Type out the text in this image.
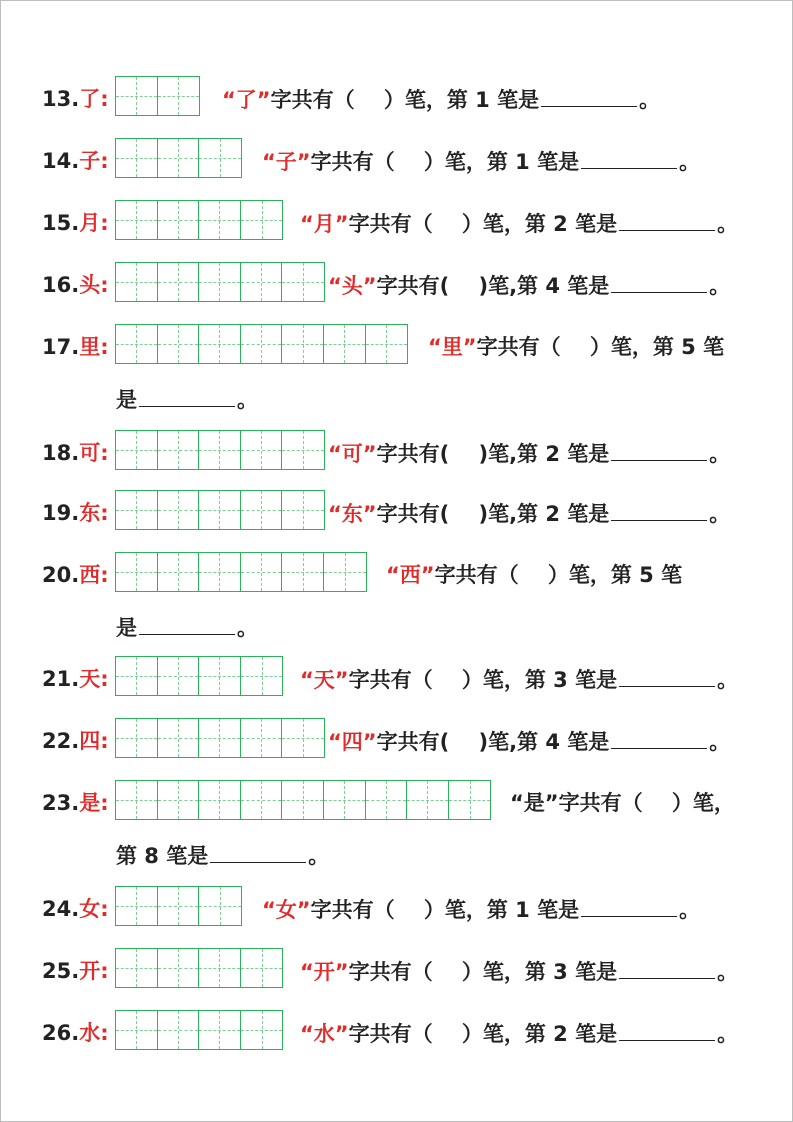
13.了:	“了”字共有（ ）笔，第 1 笔是	。
14.子:	“子”字共有（ ）笔，第 1 笔是	。
15.月:	“月”字共有（ ）笔，第 2 笔是	。
16.头:	“头”字共有( )笔,第 4 笔是	。
17.里:	“里”字共有（ ）笔，第 5 笔
是	。
18.可:	“可”字共有( )笔,第 2 笔是	。
19.东:	“东”字共有( )笔,第 2 笔是	。
20.西:	“西”字共有（ ）笔，第 5 笔
是	。
21.天:	“天”字共有（ ）笔，第 3 笔是	。
22.四:	“四”字共有( )笔,第 4 笔是	。
23.是:	“是”字共有（ ）笔，
第 8 笔是	。
24.女:	“女”字共有（ ）笔，第 1 笔是	。
25.开:	“开”字共有（ ）笔，第 3 笔是	。
26.水:	“水”字共有（ ）笔，第 2 笔是	。
